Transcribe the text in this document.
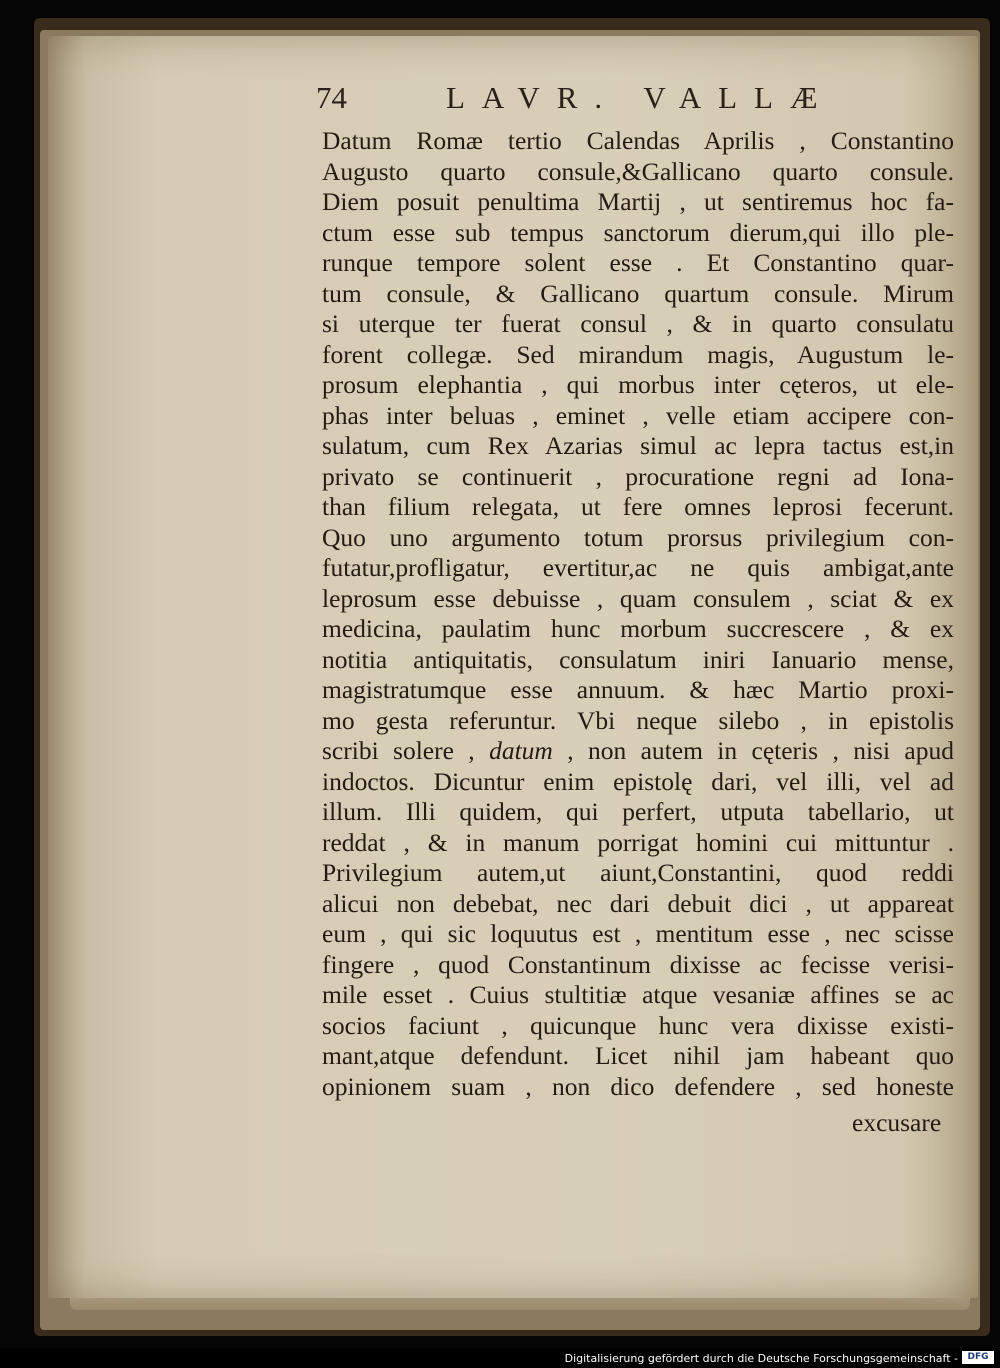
74	LAVR. VALLÆ
Datum Romæ tertio Calendas Aprilis , Constantino
Augusto quarto consule,&Gallicano quarto consule.
Diem posuit penultima Martij , ut sentiremus hoc fa-
ctum esse sub tempus sanctorum dierum,qui illo ple-
runque tempore solent esse . Et Constantino quar-
tum consule, & Gallicano quartum consule. Mirum
si uterque ter fuerat consul , & in quarto consulatu
forent collegæ. Sed mirandum magis, Augustum le-
prosum elephantia , qui morbus inter cęteros, ut ele-
phas inter beluas , eminet , velle etiam accipere con-
sulatum, cum Rex Azarias simul ac lepra tactus est,in
privato se continuerit , procuratione regni ad Iona-
than filium relegata, ut fere omnes leprosi fecerunt.
Quo uno argumento totum prorsus privilegium con-
futatur,profligatur, evertitur,ac ne quis ambigat,ante
leprosum esse debuisse , quam consulem , sciat & ex
medicina, paulatim hunc morbum succrescere , & ex
notitia antiquitatis, consulatum iniri Ianuario mense,
magistratumque esse annuum. & hæc Martio proxi-
mo gesta referuntur. Vbi neque silebo , in epistolis
scribi solere , datum , non autem in cęteris , nisi apud
indoctos. Dicuntur enim epistolę dari, vel illi, vel ad
illum. Illi quidem, qui perfert, utputa tabellario, ut
reddat , & in manum porrigat homini cui mittuntur .
Privilegium autem,ut aiunt,Constantini, quod reddi
alicui non debebat, nec dari debuit dici , ut appareat
eum , qui sic loquutus est , mentitum esse , nec scisse
fingere , quod Constantinum dixisse ac fecisse verisi-
mile esset . Cuius stultitiæ atque vesaniæ affines se ac
socios faciunt , quicunque hunc vera dixisse existi-
mant,atque defendunt. Licet nihil jam habeant quo
opinionem suam , non dico defendere , sed honeste
excusare
Digitalisierung gefördert durch die Deutsche Forschungsgemeinschaft -	DFG
